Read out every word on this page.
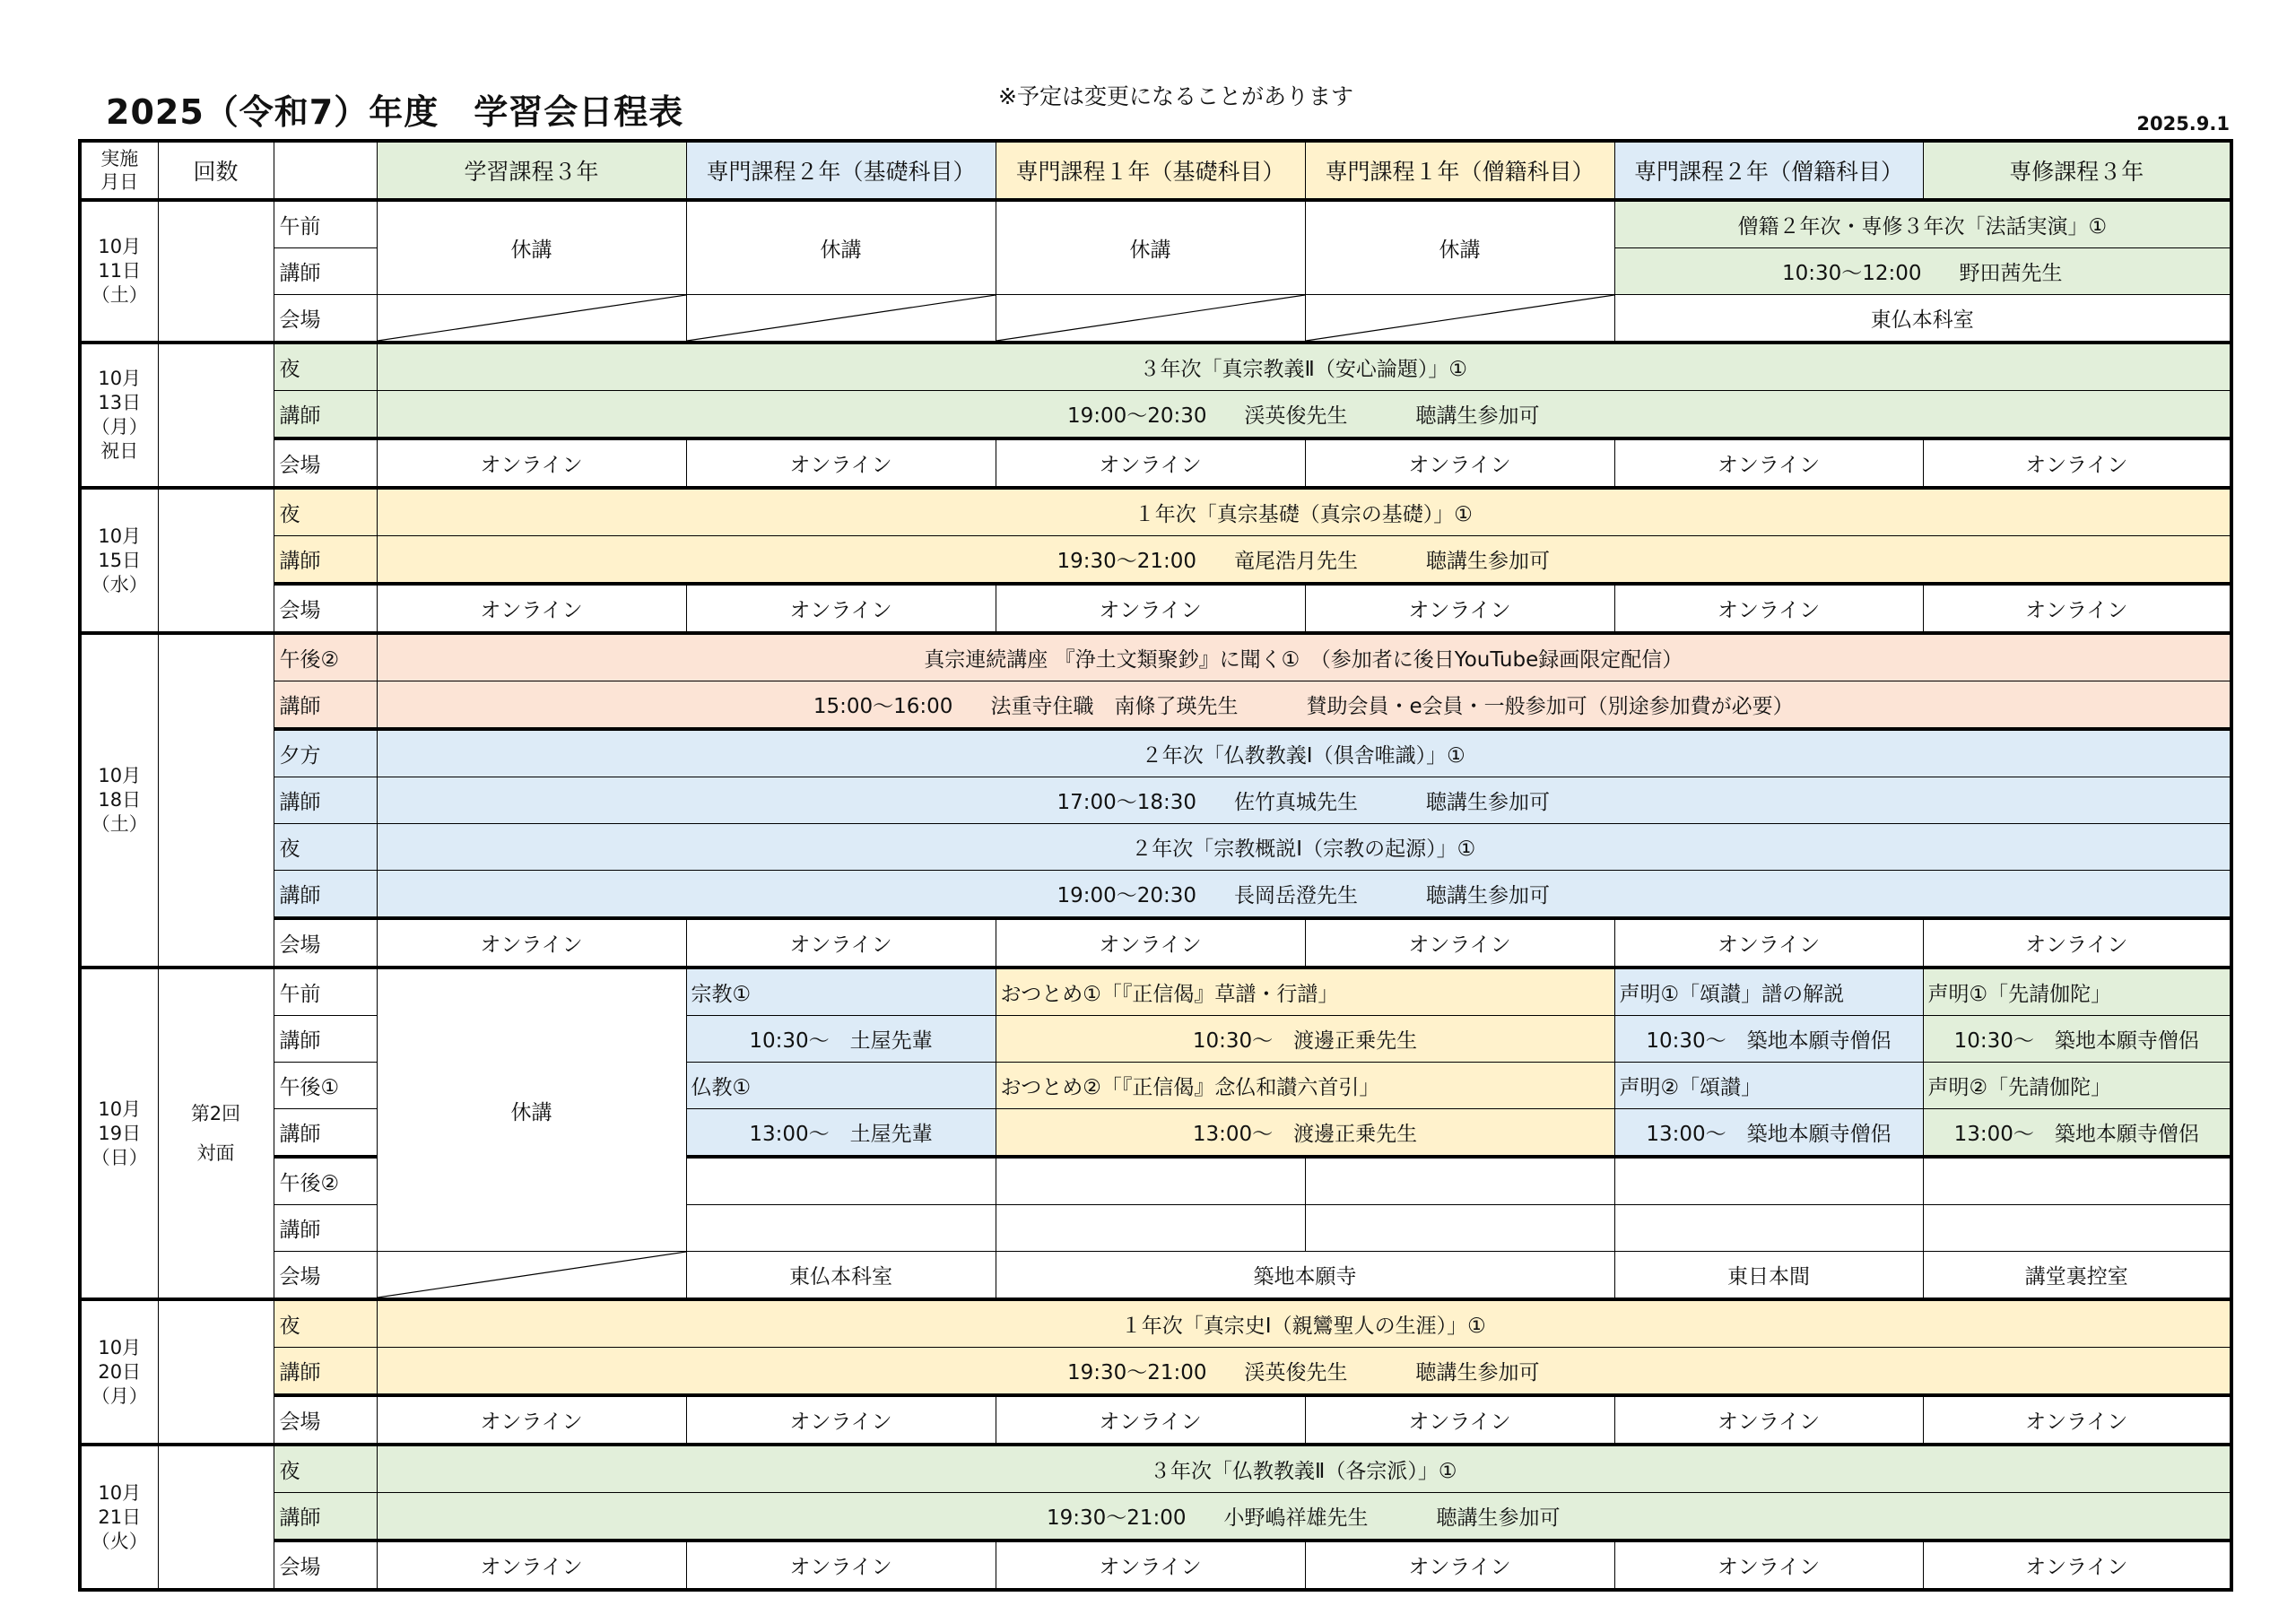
2025（令和7）年度　学習会日程表	※予定は変更になることがあります
2025.9.1
実施
月日	回数		学習課程３年	専門課程２年（基礎科目）	専門課程１年（基礎科目）	専門課程１年（僧籍科目）	専門課程２年（僧籍科目）	専修課程３年
10月
11日
（土）		午前	休講	休講	休講	休講	僧籍２年次・専修３年次「法話実演」①	
		講師					10:30～12:00 野田茜先生	
		会場					東仏本科室	
10月
13日
（月）
祝日		夜	３年次「真宗教義Ⅱ（安心論題）」①					
		講師	19:00～20:30 渓英俊先生 聴講生参加可					
		会場	オンライン	オンライン	オンライン	オンライン	オンライン	オンライン
10月
15日
（水）		夜	１年次「真宗基礎（真宗の基礎）」①					
		講師	19:30～21:00 竜尾浩月先生 聴講生参加可					
		会場	オンライン	オンライン	オンライン	オンライン	オンライン	オンライン
10月
18日
（土）		午後②	真宗連続講座 『浄土文類聚鈔』に聞く①　（参加者に後日YouTube録画限定配信）					
		講師	15:00～16:00 法重寺住職　南條了瑛先生 賛助会員・e会員・一般参加可（別途参加費が必要）					
		夕方	２年次「仏教教義Ⅰ（倶舎唯識）」①					
		講師	17:00～18:30 佐竹真城先生 聴講生参加可					
		夜	２年次「宗教概説Ⅰ（宗教の起源）」①					
		講師	19:00～20:30 長岡岳澄先生 聴講生参加可					
		会場	オンライン	オンライン	オンライン	オンライン	オンライン	オンライン
10月
19日
（日）	第2回
対面	午前	休講	宗教①	おつとめ①「『正信偈』草譜・行譜」		声明①「頌讃」譜の解説	声明①「先請伽陀」
		講師		10:30～　土屋先輩	10:30～　渡邊正乗先生		10:30～　築地本願寺僧侶	10:30～　築地本願寺僧侶
		午後①		仏教①	おつとめ②「『正信偈』念仏和讃六首引」		声明②「頌讃」	声明②「先請伽陀」
		講師		13:00～　土屋先輩	13:00～　渡邊正乗先生		13:00～　築地本願寺僧侶	13:00～　築地本願寺僧侶
		午後②						
		講師						
		会場		東仏本科室	築地本願寺		東日本間	講堂裏控室
10月
20日
（月）		夜	１年次「真宗史Ⅰ（親鸞聖人の生涯）」①					
		講師	19:30～21:00 渓英俊先生 聴講生参加可					
		会場	オンライン	オンライン	オンライン	オンライン	オンライン	オンライン
10月
21日
（火）		夜	３年次「仏教教義Ⅱ（各宗派）」①					
		講師	19:30～21:00 小野嶋祥雄先生 聴講生参加可					
		会場	オンライン	オンライン	オンライン	オンライン	オンライン	オンライン
